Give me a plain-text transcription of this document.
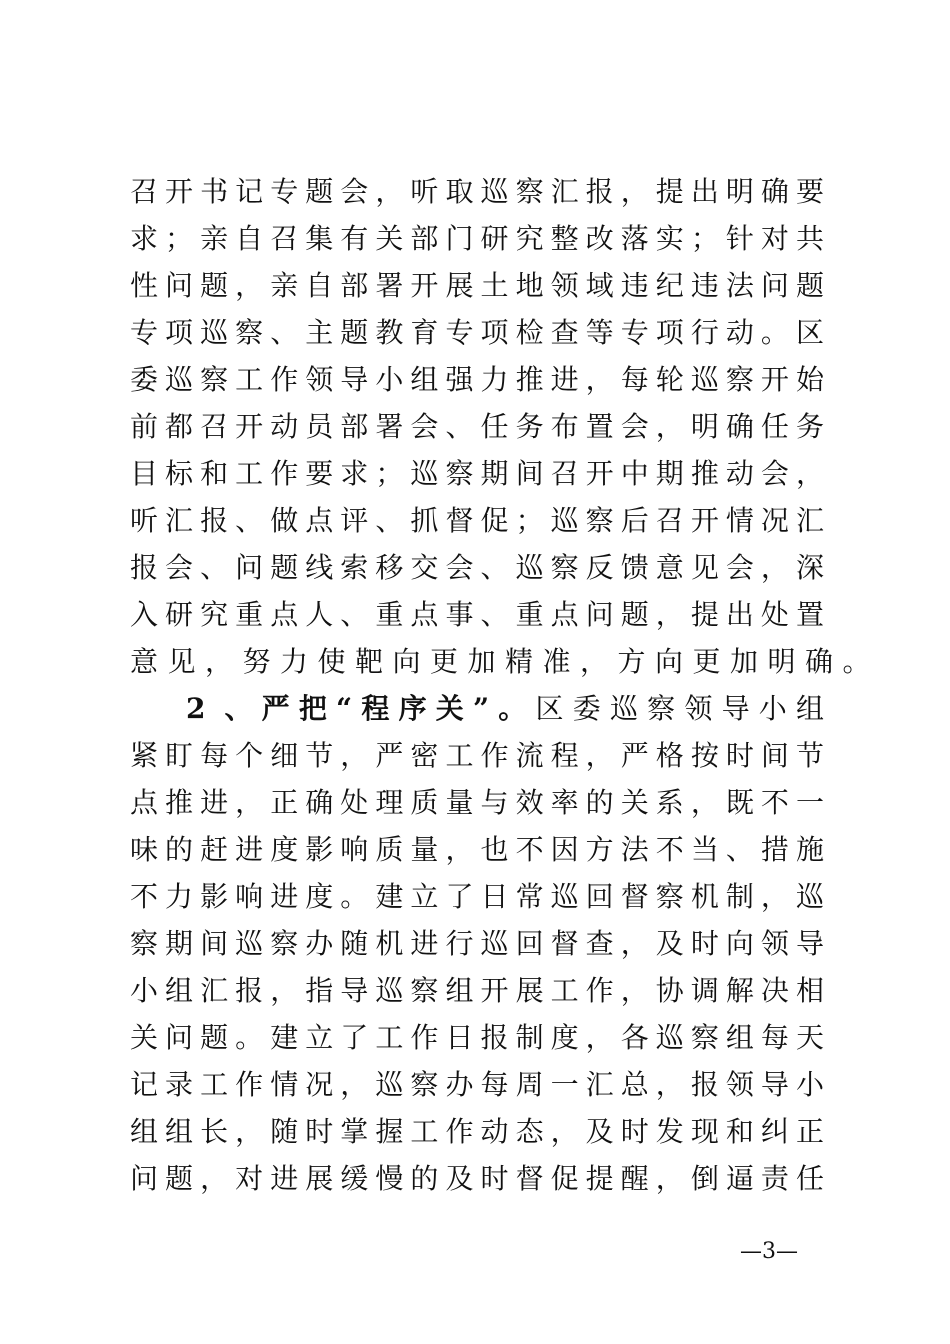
召开书记专题会，听取巡察汇报，提出明确要
求；亲自召集有关部门研究整改落实；针对共
性问题，亲自部署开展土地领域违纪违法问题
专项巡察、主题教育专项检查等专项行动。区
委巡察工作领导小组强力推进，每轮巡察开始
前都召开动员部署会、任务布置会，明确任务
目标和工作要求；巡察期间召开中期推动会，
听汇报、做点评、抓督促；巡察后召开情况汇
报会、问题线索移交会、巡察反馈意见会，深
入研究重点人、重点事、重点问题，提出处置
意见，努力使靶向更加精准，方向更加明确。
2 、严把“程序关”。区委巡察领导小组
紧盯每个细节，严密工作流程，严格按时间节
点推进，正确处理质量与效率的关系，既不一
味的赶进度影响质量，也不因方法不当、措施
不力影响进度。建立了日常巡回督察机制，巡
察期间巡察办随机进行巡回督查，及时向领导
小组汇报，指导巡察组开展工作，协调解决相
关问题。建立了工作日报制度，各巡察组每天
记录工作情况，巡察办每周一汇总，报领导小
组组长，随时掌握工作动态，及时发现和纠正
问题，对进展缓慢的及时督促提醒，倒逼责任
—3—
